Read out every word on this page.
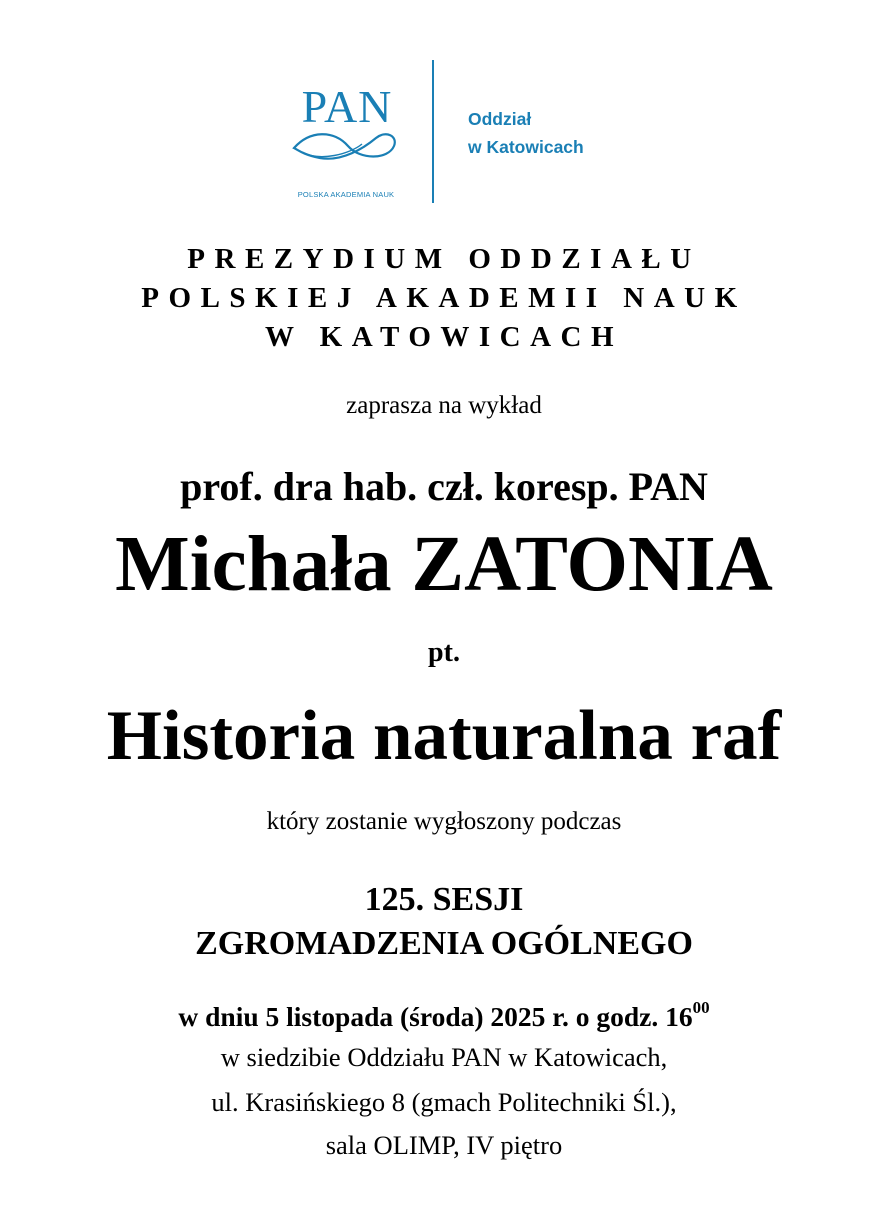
PAN
POLSKA AKADEMIA NAUK
Oddział
w Katowicach
PREZYDIUM ODDZIAŁU
POLSKIEJ AKADEMII NAUK
W KATOWICACH
zaprasza na wykład
prof. dra hab. czł. koresp. PAN
Michała ZATONIA
pt.
Historia naturalna raf
który zostanie wygłoszony podczas
125. SESJI
ZGROMADZENIA OGÓLNEGO
w dniu 5 listopada (środa) 2025 r. o godz. $16^{00}$
w siedzibie Oddziału PAN w Katowicach,
ul. Krasińskiego 8 (gmach Politechniki Śl.),
sala OLIMP, IV piętro
